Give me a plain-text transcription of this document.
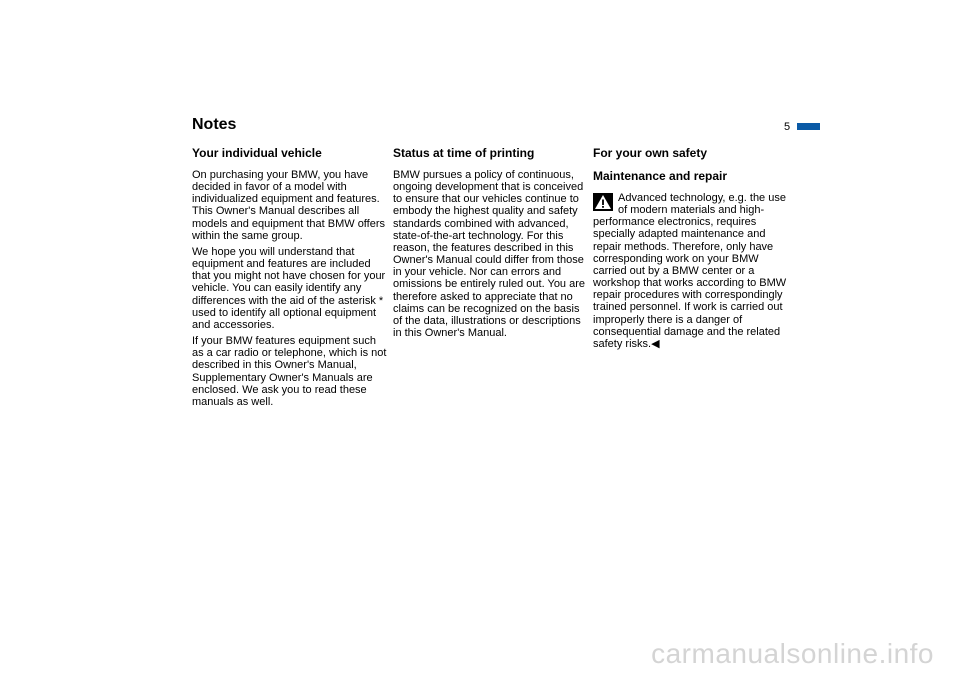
Notes	5
Your individual vehicle

On purchasing your BMW, you have decided in favor of a model with individualized equipment and features. This Owner's Manual describes all models and equipment that BMW offers within the same group.

We hope you will understand that equipment and features are included that you might not have chosen for your vehicle. You can easily identify any differences with the aid of the asterisk * used to identify all optional equipment and accessories.

If your BMW features equipment such as a car radio or telephone, which is not described in this Owner's Manual, Supplementary Owner's Manuals are enclosed. We ask you to read these manuals as well.

Status at time of printing

BMW pursues a policy of continuous, ongoing development that is conceived to ensure that our vehicles continue to embody the highest quality and safety standards combined with advanced, state-of-the-art technology. For this reason, the features described in this Owner's Manual could differ from those in your vehicle. Nor can errors and omissions be entirely ruled out. You are therefore asked to appreciate that no claims can be recognized on the basis of the data, illustrations or descriptions in this Owner's Manual.

For your own safety
Maintenance and repair
Advanced technology, e.g. the use of modern materials and high-performance electronics, requires specially adapted maintenance and repair methods. Therefore, only have corresponding work on your BMW carried out by a BMW center or a workshop that works according to BMW repair procedures with correspondingly trained personnel. If work is carried out improperly there is a danger of consequential damage and the related safety risks.◀
carmanualsonline.info
